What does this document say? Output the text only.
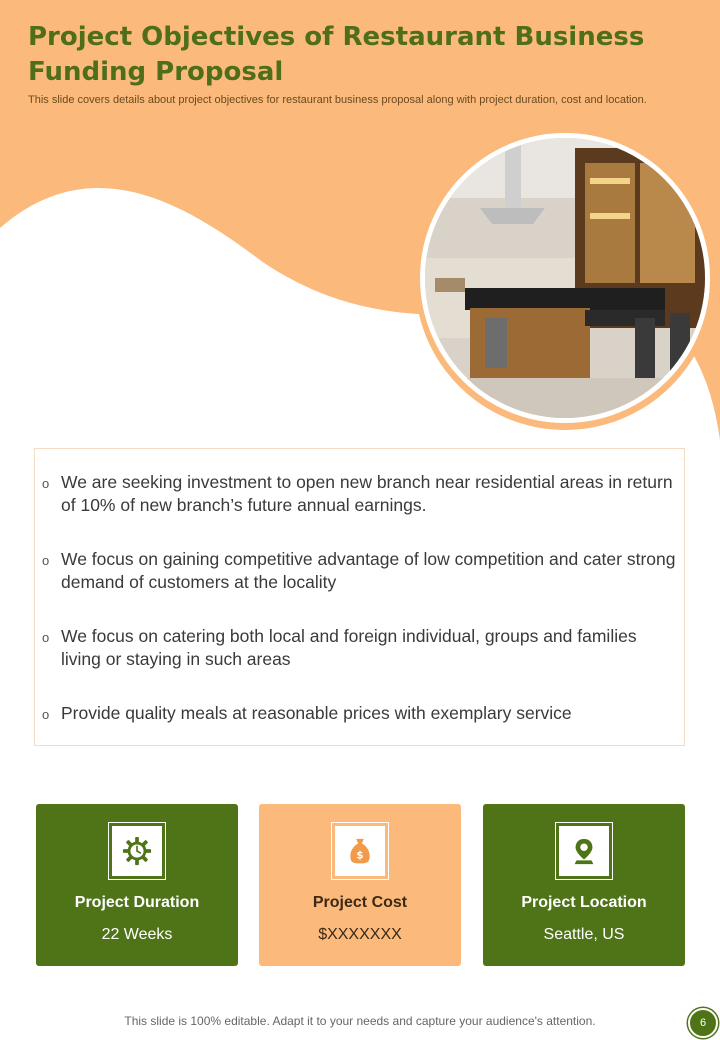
Project Objectives of Restaurant Business Funding Proposal

This slide covers details about project objectives for restaurant business proposal along with project duration, cost and location.

o We are seeking investment to open new branch near residential areas in return of 10% of new branch’s future annual earnings.
o We focus on gaining competitive advantage of low competition and cater strong demand of customers at the locality
o We focus on catering both local and foreign individual, groups and families living or staying in such areas
o Provide quality meals at reasonable prices with exemplary service
Project Duration
22 Weeks
$
Project Cost
$XXXXXXX
Project Location
Seattle, US
This slide is 100% editable. Adapt it to your needs and capture your audience's attention.	6
